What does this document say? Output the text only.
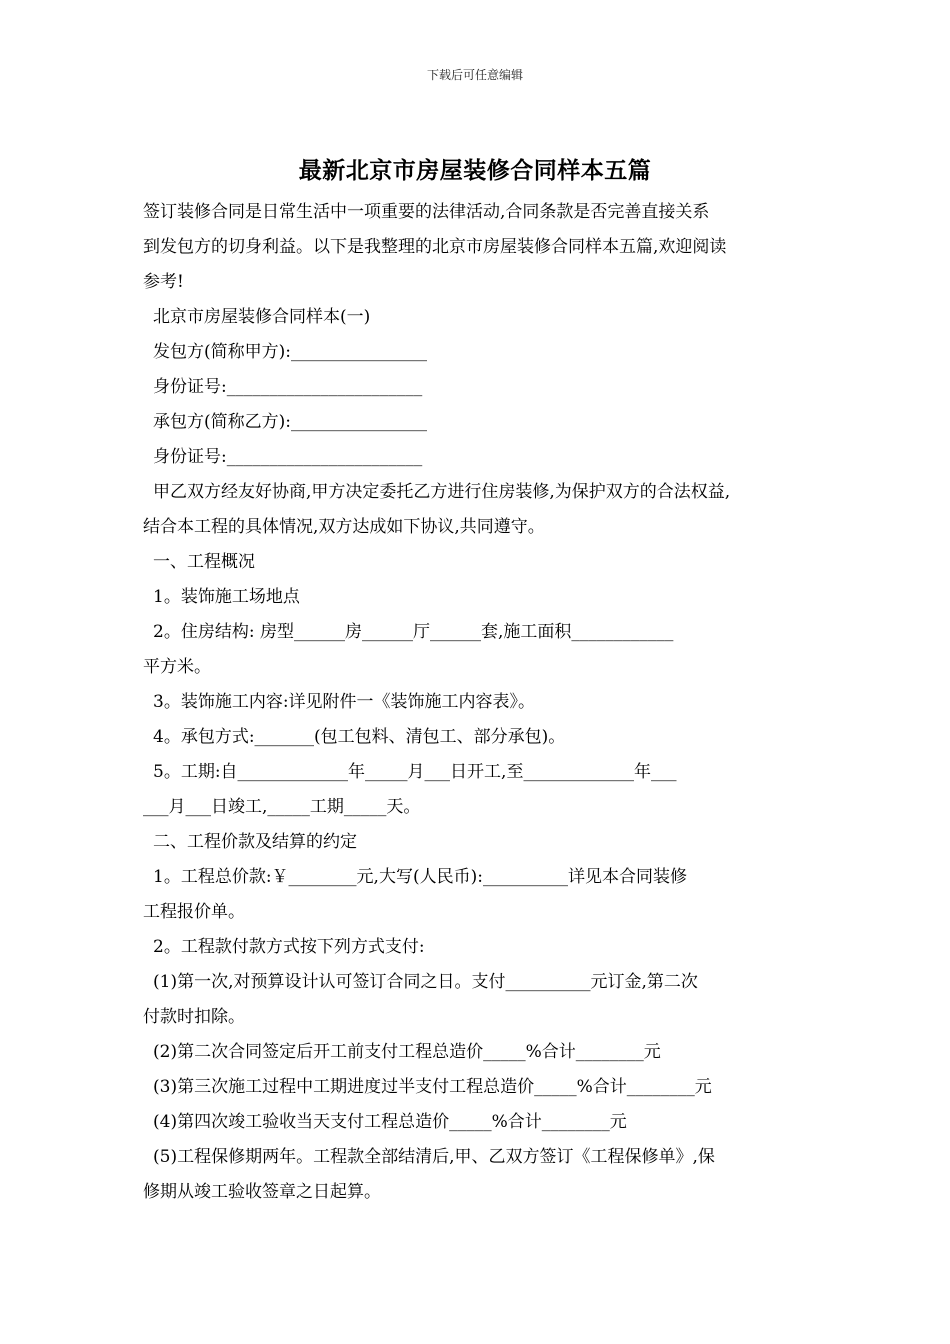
下载后可任意编辑
最新北京市房屋装修合同样本五篇
签订装修合同是日常生活中一项重要的法律活动,合同条款是否完善直接关系
到发包方的切身利益。以下是我整理的北京市房屋装修合同样本五篇,欢迎阅读
参考!
北京市房屋装修合同样本(一)
发包方(简称甲方):________________
身份证号:_______________________
承包方(简称乙方):________________
身份证号:_______________________
甲乙双方经友好协商,甲方决定委托乙方进行住房装修,为保护双方的合法权益,
结合本工程的具体情况,双方达成如下协议,共同遵守。
一、工程概况
1。装饰施工场地点
2。住房结构: 房型______房______厅______套,施工面积____________
平方米。
3。装饰施工内容:详见附件一《装饰施工内容表》。
4。承包方式:_______(包工包料、清包工、部分承包)。
5。工期:自_____________年_____月___日开工,至_____________年___
___月___日竣工,_____工期_____天。
二、工程价款及结算的约定
1。工程总价款:￥________元,大写(人民币):__________详见本合同装修
工程报价单。
2。工程款付款方式按下列方式支付:
(1)第一次,对预算设计认可签订合同之日。支付__________元订金,第二次
付款时扣除。
(2)第二次合同签定后开工前支付工程总造价_____%合计________元
(3)第三次施工过程中工期进度过半支付工程总造价_____%合计________元
(4)第四次竣工验收当天支付工程总造价_____%合计________元
(5)工程保修期两年。工程款全部结清后,甲、乙双方签订《工程保修单》,保
修期从竣工验收签章之日起算。
